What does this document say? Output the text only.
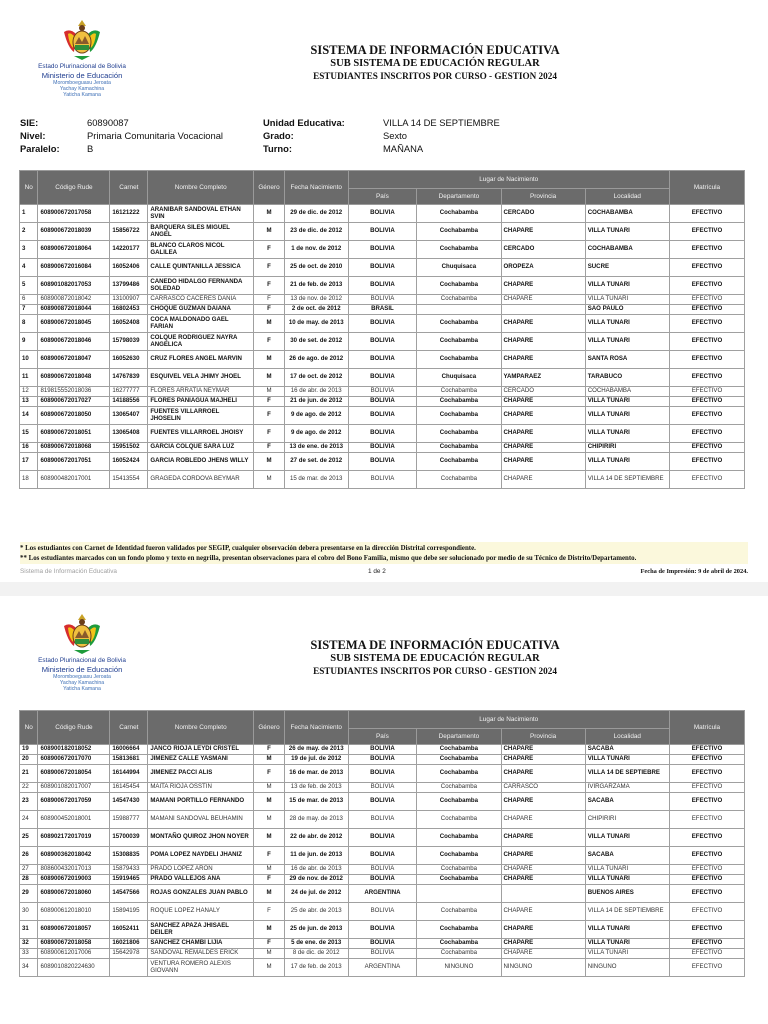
Estado Plurinacional de Bolivia
Ministerio de Educación
Moromboeguasu Jeroata
Yachay Kamachina
Yaticha Kamana
SISTEMA DE INFORMACIÓN EDUCATIVA
SUB SISTEMA DE EDUCACIÓN REGULAR
ESTUDIANTES INSCRITOS POR CURSO - GESTION 2024
SIE:	60890087	Unidad Educativa:	VILLA 14 DE SEPTIEMBRE
Nivel:	Primaria Comunitaria Vocacional	Grado:	Sexto
Paralelo:	B	Turno:	MAÑANA
No	Código Rude	Carnet	Nombre Completo	Género	Fecha Nacimiento	Lugar de Nacimiento				Matrícula
						País	Departamento	Provincia	Localidad	
1	608900672017058	16121222	ARANIBAR SANDOVAL ETHAN SVIN	M	29 de dic. de 2012	BOLIVIA	Cochabamba	CERCADO	COCHABAMBA	EFECTIVO
2	608900672018039	15856722	BARQUERA SILES MIGUEL ANGEL	M	23 de dic. de 2012	BOLIVIA	Cochabamba	CHAPARE	VILLA TUNARI	EFECTIVO
3	608900672018064	14220177	BLANCO CLAROS NICOL GALILEA	F	1 de nov. de 2012	BOLIVIA	Cochabamba	CERCADO	COCHABAMBA	EFECTIVO
4	608900672016084	16052406	CALLE QUINTANILLA JESSICA	F	25 de oct. de 2010	BOLIVIA	Chuquisaca	OROPEZA	SUCRE	EFECTIVO
5	608901082017053	13799486	CANEDO HIDALGO FERNANDA SOLEDAD	F	21 de feb. de 2013	BOLIVIA	Cochabamba	CHAPARE	VILLA TUNARI	EFECTIVO
6	608900872018042	13100907	CARRASCO CACERES DANIA	F	13 de nov. de 2012	BOLIVIA	Cochabamba	CHAPARE	VILLA TUNARI	EFECTIVO
7	608900872018044	16802453	CHOQUE GUZMAN DAIANA	F	2 de oct. de 2012	BRASIL			SAO PAULO	EFECTIVO
8	608900672018045	16052408	COCA MALDONADO GAEL FARIAN	M	10 de may. de 2013	BOLIVIA	Cochabamba	CHAPARE	VILLA TUNARI	EFECTIVO
9	608900672018046	15798039	COLQUE RODRIGUEZ NAYRA ANGELICA	F	30 de set. de 2012	BOLIVIA	Cochabamba	CHAPARE	VILLA TUNARI	EFECTIVO
10	608900672018047	16052630	CRUZ FLORES ANGEL MARVIN	M	26 de ago. de 2012	BOLIVIA	Cochabamba	CHAPARE	SANTA ROSA	EFECTIVO
11	608900672018048	14767839	ESQUIVEL VELA JHIMY JHOEL	M	17 de oct. de 2012	BOLIVIA	Chuquisaca	YAMPARAEZ	TARABUCO	EFECTIVO
12	819815552018036	16277777	FLORES ARRATIA NEYMAR	M	16 de abr. de 2013	BOLIVIA	Cochabamba	CERCADO	COCHABAMBA	EFECTIVO
13	608900672017027	14188556	FLORES PANIAGUA MAJHELI	F	21 de jun. de 2012	BOLIVIA	Cochabamba	CHAPARE	VILLA TUNARI	EFECTIVO
14	608900672018050	13065407	FUENTES VILLARROEL JHOSELIN	F	9 de ago. de 2012	BOLIVIA	Cochabamba	CHAPARE	VILLA TUNARI	EFECTIVO
15	608900672018051	13065408	FUENTES VILLARROEL JHOISY	F	9 de ago. de 2012	BOLIVIA	Cochabamba	CHAPARE	VILLA TUNARI	EFECTIVO
16	608900672018068	15951502	GARCIA COLQUE SARA LUZ	F	13 de ene. de 2013	BOLIVIA	Cochabamba	CHAPARE	CHIPIRIRI	EFECTIVO
17	608900672017051	16052424	GARCIA ROBLEDO JHENS WILLY	M	27 de set. de 2012	BOLIVIA	Cochabamba	CHAPARE	VILLA TUNARI	EFECTIVO
18	608900482017001	15413554	GRAGEDA CORDOVA BEYMAR	M	15 de mar. de 2013	BOLIVIA	Cochabamba	CHAPARE	VILLA 14 DE SEPTIEMBRE	EFECTIVO
* Los estudiantes con Carnet de Identidad fueron validados por SEGIP, cualquier observación debera presentarse en la dirección Distrital correspondiente.
** Los estudiantes marcados con un fondo plomo y texto en negrilla, presentan observaciones para el cobro del Bono Familia, mismo que debe ser solucionado por medio de su Técnico de Distrito/Departamento.
Sistema de Información Educativa	1 de 2	Fecha de Impresión: 9 de abril de 2024.
Estado Plurinacional de Bolivia
Ministerio de Educación
Moromboeguasu Jeroata
Yachay Kamachina
Yaticha Kamana
SISTEMA DE INFORMACIÓN EDUCATIVA
SUB SISTEMA DE EDUCACIÓN REGULAR
ESTUDIANTES INSCRITOS POR CURSO - GESTION 2024
No	Código Rude	Carnet	Nombre Completo	Género	Fecha Nacimiento	Lugar de Nacimiento				Matrícula
						País	Departamento	Provincia	Localidad	
19	608900182018052	16006664	JANCO RIOJA LEYDI CRISTEL	F	26 de may. de 2013	BOLIVIA	Cochabamba	CHAPARE	SACABA	EFECTIVO
20	608900672017070	15813681	JIMENEZ CALLE YASMANI	M	19 de jul. de 2012	BOLIVIA	Cochabamba	CHAPARE	VILLA TUNARI	EFECTIVO
21	608900672018054	16144994	JIMENEZ PACCI ALIS	F	16 de mar. de 2013	BOLIVIA	Cochabamba	CHAPARE	VILLA 14 DE SEPTIEBRE	EFECTIVO
22	608901082017007	16145454	MAITA RIOJA OSSTIN	M	13 de feb. de 2013	BOLIVIA	Cochabamba	CARRASCO	IVIRGARZAMA	EFECTIVO
23	608900672017059	14547430	MAMANI PORTILLO FERNANDO	M	15 de mar. de 2013	BOLIVIA	Cochabamba	CHAPARE	SACABA	EFECTIVO
24	608900452018001	15988777	MAMANI SANDOVAL BEUHAMIN	M	28 de may. de 2013	BOLIVIA	Cochabamba	CHAPARE	CHIPIRIRI	EFECTIVO
25	608902172017019	15700039	MONTAÑO QUIROZ JHON NOYER	M	22 de abr. de 2012	BOLIVIA	Cochabamba	CHAPARE	VILLA TUNARI	EFECTIVO
26	608900362018042	15308835	POMA LOPEZ NAYDELI JHANIZ	F	11 de jun. de 2013	BOLIVIA	Cochabamba	CHAPARE	SACABA	EFECTIVO
27	808600432017013	15879433	PRADO LOPEZ ARON	M	16 de abr. de 2013	BOLIVIA	Cochabamba	CHAPARE	VILLA TUNARI	EFECTIVO
28	608900672019003	15919465	PRADO VALLEJOS ANA	F	29 de nov. de 2012	BOLIVIA	Cochabamba	CHAPARE	VILLA TUNARI	EFECTIVO
29	608900672018060	14547566	ROJAS GONZALES JUAN PABLO	M	24 de jul. de 2012	ARGENTINA			BUENOS AIRES	EFECTIVO
30	608900612018010	15894195	ROQUE LOPEZ HANALY	F	25 de abr. de 2013	BOLIVIA	Cochabamba	CHAPARE	VILLA 14 DE SEPTIEMBRE	EFECTIVO
31	608900672018057	16052411	SANCHEZ APAZA JHISAEL DEILER	M	25 de jun. de 2013	BOLIVIA	Cochabamba	CHAPARE	VILLA TUNARI	EFECTIVO
32	608900672018058	16021806	SANCHEZ CHAMBI LIJIA	F	5 de ene. de 2013	BOLIVIA	Cochabamba	CHAPARE	VILLA TUNARI	EFECTIVO
33	608900612017006	15642978	SANDOVAL REMALDES ERICK	M	8 de dic. de 2012	BOLIVIA	Cochabamba	CHAPARE	VILLA TUNARI	EFECTIVO
34	6089010820224630		VENTURA ROMERO ALEXIS GIOVANN	M	17 de feb. de 2013	ARGENTINA	NINGUNO	NINGUNO	NINGUNO	EFECTIVO
